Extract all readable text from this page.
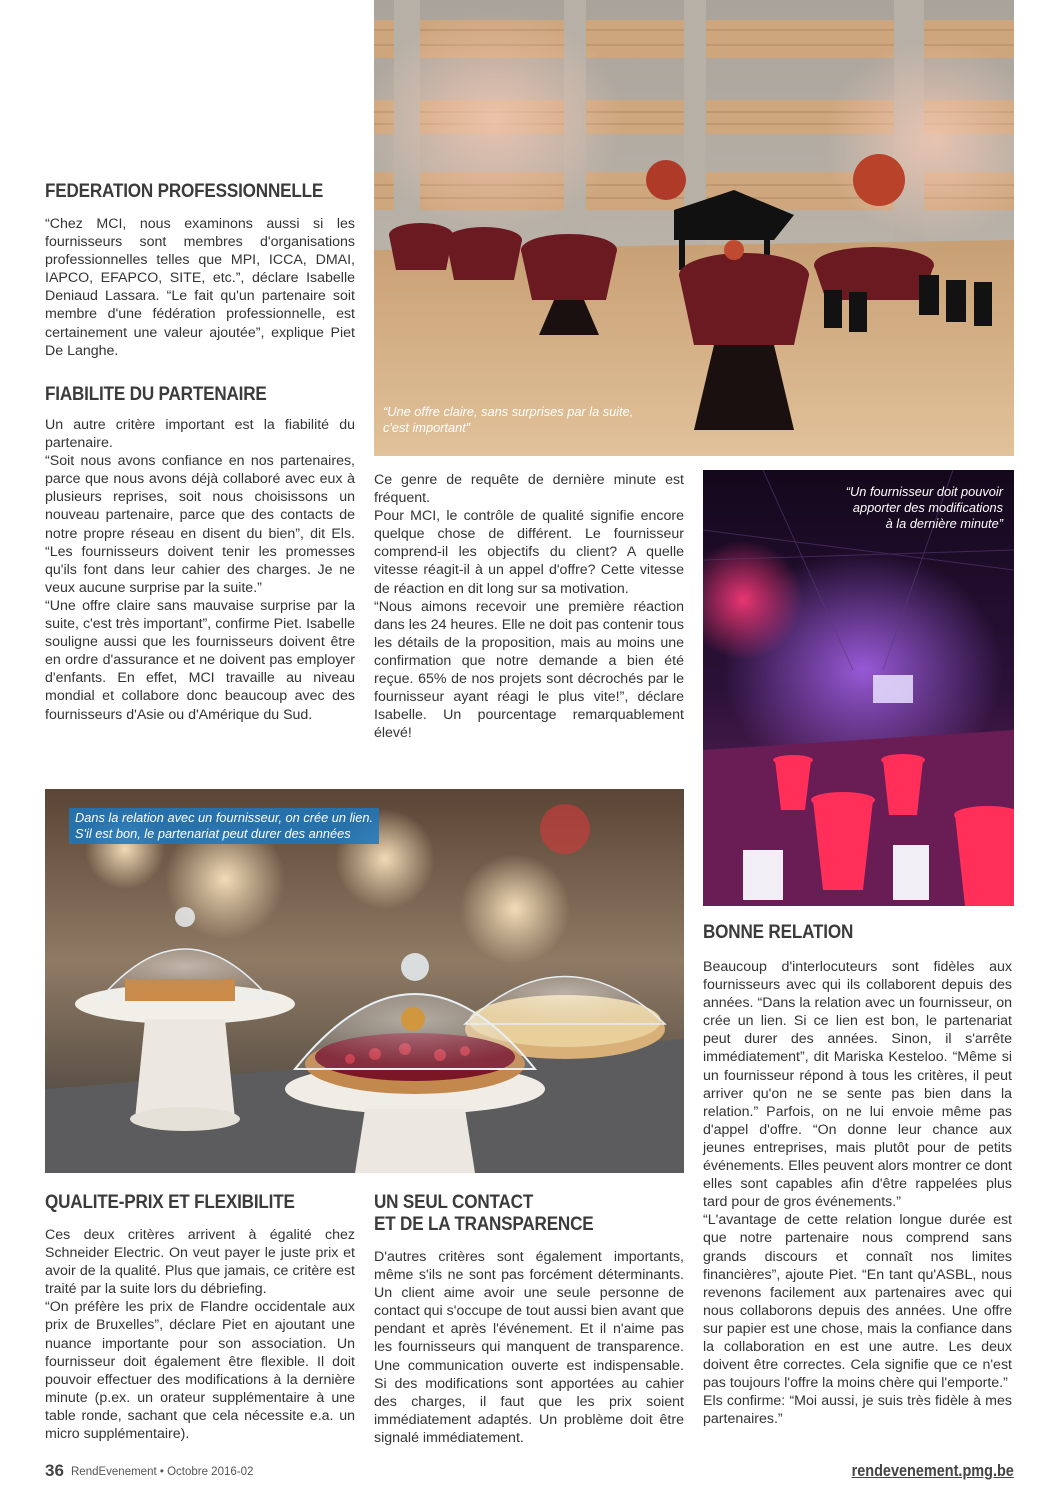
“Une offre claire, sans surprises par la suite,
c'est important”
FEDERATION PROFESSIONNELLE

“Chez MCI, nous examinons aussi si les fournisseurs sont membres d'organisations professionnelles telles que MPI, ICCA, DMAI, IAPCO, EFAPCO, SITE, etc.”, déclare Isabelle Deniaud Lassara. “Le fait qu'un partenaire soit membre d'une fédération professionnelle, est certainement une valeur ajoutée”, explique Piet De Langhe.

FIABILITE DU PARTENAIRE

Un autre critère important est la fiabilité du partenaire.

“Soit nous avons confiance en nos partenaires, parce que nous avons déjà collaboré avec eux à plusieurs reprises, soit nous choisissons un nouveau partenaire, parce que des contacts de notre propre réseau en disent du bien”, dit Els. “Les fournisseurs doivent tenir les promesses qu'ils font dans leur cahier des charges. Je ne veux aucune surprise par la suite.”

“Une offre claire sans mauvaise surprise par la suite, c'est très important”, confirme Piet. Isabelle souligne aussi que les fournisseurs doivent être en ordre d'assurance et ne doivent pas employer d'enfants. En effet, MCI travaille au niveau mondial et collabore donc beaucoup avec des fournisseurs d'Asie ou d'Amérique du Sud.

Ce genre de requête de dernière minute est fréquent.

Pour MCI, le contrôle de qualité signifie encore quelque chose de différent. Le fournisseur comprend-il les objectifs du client? A quelle vitesse réagit-il à un appel d'offre? Cette vitesse de réaction en dit long sur sa motivation.

“Nous aimons recevoir une première réaction dans les 24 heures. Elle ne doit pas contenir tous les détails de la proposition, mais au moins une confirmation que notre demande a bien été reçue. 65% de nos projets sont décrochés par le fournisseur ayant réagi le plus vite!”, déclare Isabelle. Un pourcentage remarquablement élevé!

“Un fournisseur doit pouvoir
apporter des modifications
à la dernière minute”
Dans la relation avec un fournisseur, on crée un lien.
S'il est bon, le partenariat peut durer des années
BONNE RELATION

Beaucoup d'interlocuteurs sont fidèles aux fournisseurs avec qui ils collaborent depuis des années. “Dans la relation avec un fournisseur, on crée un lien. Si ce lien est bon, le partenariat peut durer des années. Sinon, il s'arrête immédiatement”, dit Mariska Kesteloo. “Même si un fournisseur répond à tous les critères, il peut arriver qu'on ne se sente pas bien dans la relation.” Parfois, on ne lui envoie même pas d'appel d'offre. “On donne leur chance aux jeunes entreprises, mais plutôt pour de petits événements. Elles peuvent alors montrer ce dont elles sont capables afin d'être rappelées plus tard pour de gros événements.”

“L'avantage de cette relation longue durée est que notre partenaire nous comprend sans grands discours et connaît nos limites financières”, ajoute Piet. “En tant qu'ASBL, nous revenons facilement aux partenaires avec qui nous collaborons depuis des années. Une offre sur papier est une chose, mais la confiance dans la collaboration en est une autre. Les deux doivent être correctes. Cela signifie que ce n'est pas toujours l'offre la moins chère qui l'emporte.”

Els confirme: “Moi aussi, je suis très fidèle à mes partenaires.”

QUALITE-PRIX ET FLEXIBILITE

Ces deux critères arrivent à égalité chez Schneider Electric. On veut payer le juste prix et avoir de la qualité. Plus que jamais, ce critère est traité par la suite lors du débriefing.

“On préfère les prix de Flandre occidentale aux prix de Bruxelles”, déclare Piet en ajoutant une nuance importante pour son association. Un fournisseur doit également être flexible. Il doit pouvoir effectuer des modifications à la dernière minute (p.ex. un orateur supplémentaire à une table ronde, sachant que cela nécessite e.a. un micro supplémentaire).

UN SEUL CONTACT
ET DE LA TRANSPARENCE

D'autres critères sont également importants, même s'ils ne sont pas forcément déterminants. Un client aime avoir une seule personne de contact qui s'occupe de tout aussi bien avant que pendant et après l'événement. Et il n'aime pas les fournisseurs qui manquent de transparence. Une communication ouverte est indispensable. Si des modifications sont apportées au cahier des charges, il faut que les prix soient immédiatement adaptés. Un problème doit être signalé immédiatement.

36 RendEvenement • Octobre 2016-02	rendevenement.pmg.be
